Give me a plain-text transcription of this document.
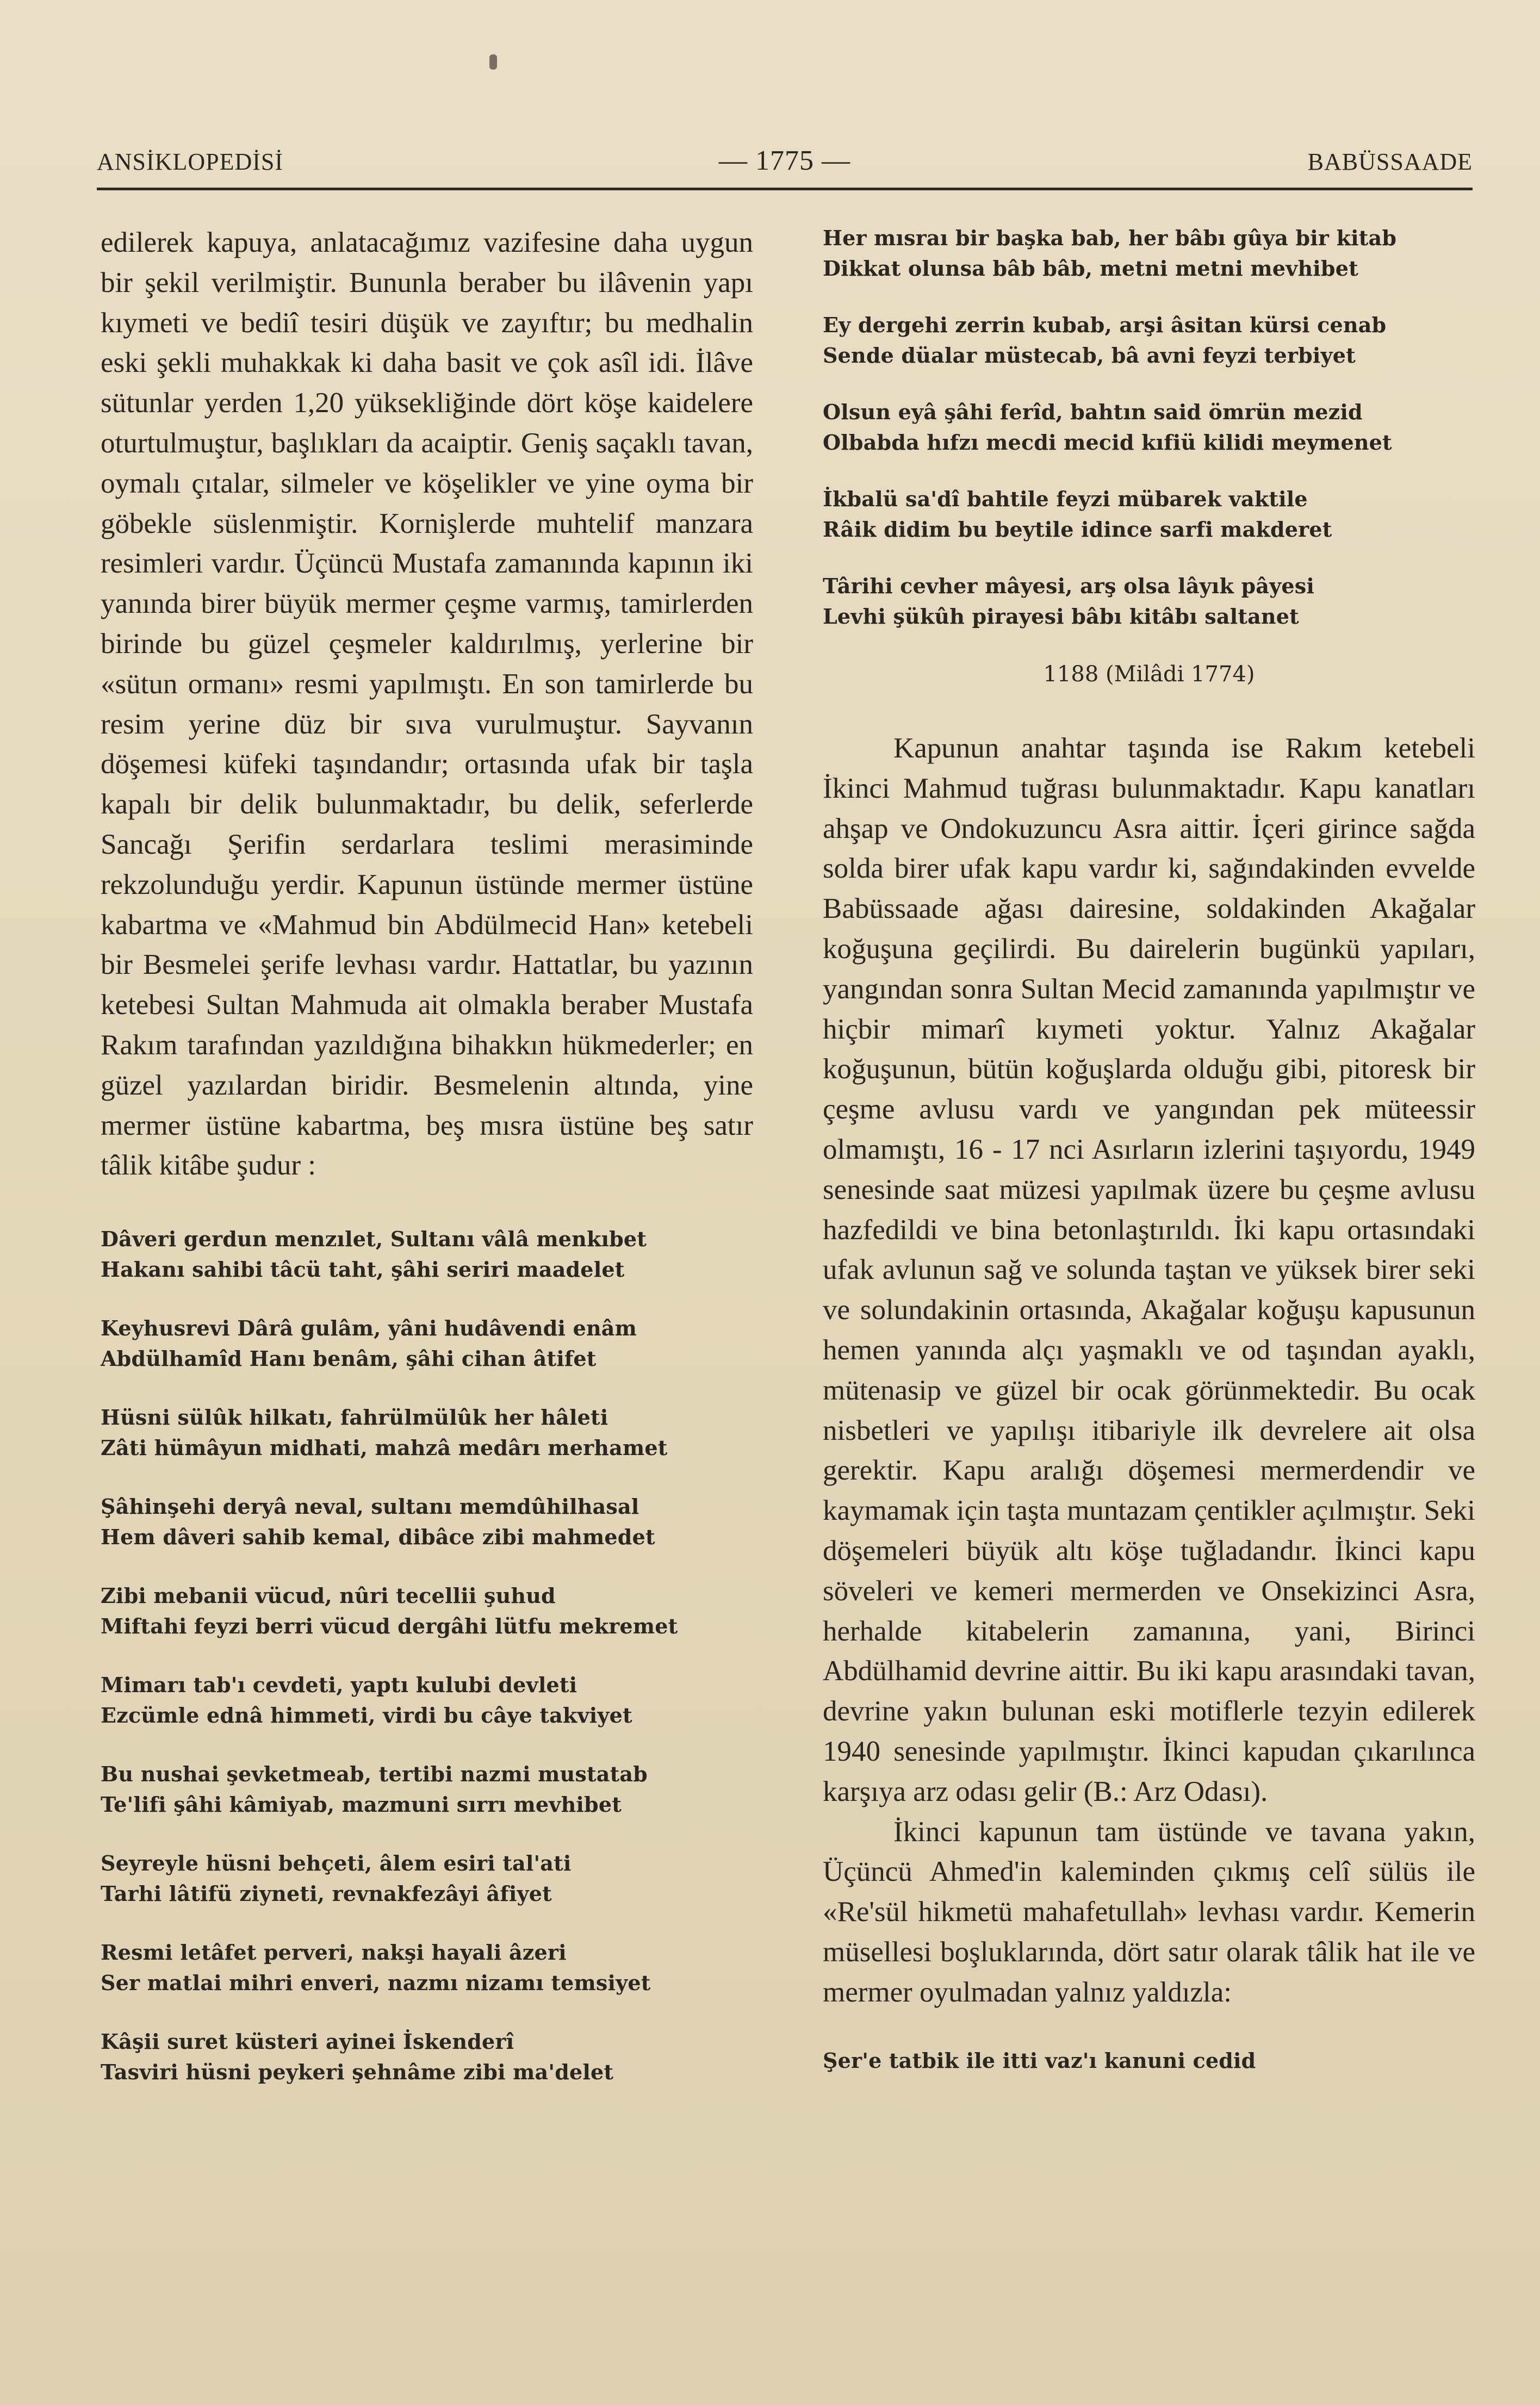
ANSİKLOPEDİSİ	— 1775 —	BABÜSSAADE

edilerek kapuya, anlatacağımız vazifesine daha uygun bir şekil verilmiştir. Bununla beraber bu ilâvenin yapı kıymeti ve bediî tesiri düşük ve zayıftır; bu medhalin eski şekli muhakkak ki daha basit ve çok asîl idi. İlâve sütunlar yerden 1,20 yüksekliğinde dört köşe kaidelere oturtulmuştur, başlıkları da acaiptir. Geniş saçaklı tavan, oymalı çıtalar, silmeler ve köşelikler ve yine oyma bir göbekle süslenmiştir. Kornişlerde muhtelif manzara resimleri vardır. Üçüncü Mustafa zamanında kapının iki yanında birer büyük mermer çeşme varmış, tamirlerden birinde bu güzel çeşmeler kaldırılmış, yerlerine bir «sütun ormanı» resmi yapılmıştı. En son tamirlerde bu resim yerine düz bir sıva vurulmuştur. Sayvanın döşemesi küfeki taşındandır; ortasında ufak bir taşla kapalı bir delik bulunmaktadır, bu delik, seferlerde Sancağı Şerifin serdarlara teslimi merasiminde rekzolunduğu yerdir. Kapunun üstünde mermer üstüne kabartma ve «Mahmud bin Abdülmecid Han» ketebeli bir Besmelei şerife levhası vardır. Hattatlar, bu yazının ketebesi Sultan Mahmuda ait olmakla beraber Mustafa Rakım tarafından yazıldığına bihakkın hükmederler; en güzel yazılardan biridir. Besmelenin altında, yine mermer üstüne kabartma, beş mısra üstüne beş satır tâlik kitâbe şudur :

Dâveri gerdun menzılet, Sultanı vâlâ menkıbet
Hakanı sahibi tâcü taht, şâhi seriri maadelet
Keyhusrevi Dârâ gulâm, yâni hudâvendi enâm
Abdülhamîd Hanı benâm, şâhi cihan âtifet
Hüsni sülûk hilkatı, fahrülmülûk her hâleti
Zâti hümâyun midhati, mahzâ medârı merhamet
Şâhinşehi deryâ neval, sultanı memdûhilhasal
Hem dâveri sahib kemal, dibâce zibi mahmedet
Zibi mebanii vücud, nûri tecellii şuhud
Miftahi feyzi berri vücud dergâhi lütfu mekremet
Mimarı tab'ı cevdeti, yaptı kulubi devleti
Ezcümle ednâ himmeti, virdi bu câye takviyet
Bu nushai şevketmeab, tertibi nazmi mustatab
Te'lifi şâhi kâmiyab, mazmuni sırrı mevhibet
Seyreyle hüsni behçeti, âlem esiri tal'ati
Tarhi lâtifü ziyneti, revnakfezâyi âfiyet
Resmi letâfet perveri, nakşi hayali âzeri
Ser matlai mihri enveri, nazmı nizamı temsiyet
Kâşii suret küsteri ayinei İskenderî
Tasviri hüsni peykeri şehnâme zibi ma'delet
Her mısraı bir başka bab, her bâbı gûya bir kitab
Dikkat olunsa bâb bâb, metni metni mevhibet
Ey dergehi zerrin kubab, arşi âsitan kürsi cenab
Sende düalar müstecab, bâ avni feyzi terbiyet
Olsun eyâ şâhi ferîd, bahtın said ömrün mezid
Olbabda hıfzı mecdi mecid kıfiü kilidi meymenet
İkbalü sa'dî bahtile feyzi mübarek vaktile
Râik didim bu beytile idince sarfi makderet
Târihi cevher mâyesi, arş olsa lâyık pâyesi
Levhi şükûh pirayesi bâbı kitâbı saltanet
1188 (Milâdi 1774)

Kapunun anahtar taşında ise Rakım ketebeli İkinci Mahmud tuğrası bulunmaktadır. Kapu kanatları ahşap ve Ondokuzuncu Asra aittir. İçeri girince sağda solda birer ufak kapu vardır ki, sağındakinden evvelde Babüssaade ağası dairesine, soldakinden Akağalar koğuşuna geçilirdi. Bu dairelerin bugünkü yapıları, yangından sonra Sultan Mecid zamanında yapılmıştır ve hiçbir mimarî kıymeti yoktur. Yalnız Akağalar koğuşunun, bütün koğuşlarda olduğu gibi, pitoresk bir çeşme avlusu vardı ve yangından pek müteessir olmamıştı, 16 - 17 nci Asırların izlerini taşıyordu, 1949 senesinde saat müzesi yapılmak üzere bu çeşme avlusu hazfedildi ve bina betonlaştırıldı. İki kapu ortasındaki ufak avlunun sağ ve solunda taştan ve yüksek birer seki ve solundakinin ortasında, Akağalar koğuşu kapusunun hemen yanında alçı yaşmaklı ve od taşından ayaklı, mütenasip ve güzel bir ocak görünmektedir. Bu ocak nisbetleri ve yapılışı itibariyle ilk devrelere ait olsa gerektir. Kapu aralığı döşemesi mermerdendir ve kaymamak için taşta muntazam çentikler açılmıştır. Seki döşemeleri büyük altı köşe tuğladandır. İkinci kapu söveleri ve kemeri mermerden ve Onsekizinci Asra, herhalde kitabelerin zamanına, yani, Birinci Abdülhamid devrine aittir. Bu iki kapu arasındaki tavan, devrine yakın bulunan eski motiflerle tezyin edilerek 1940 senesinde yapılmıştır. İkinci kapudan çıkarılınca karşıya arz odası gelir (B.: Arz Odası).

İkinci kapunun tam üstünde ve tavana yakın, Üçüncü Ahmed'in kaleminden çıkmış celî sülüs ile «Re'sül hikmetü mahafetullah» levhası vardır. Kemerin müsellesi boşluklarında, dört satır olarak tâlik hat ile ve mermer oyulmadan yalnız yaldızla:

Şer'e tatbik ile itti vaz'ı kanuni cedid
